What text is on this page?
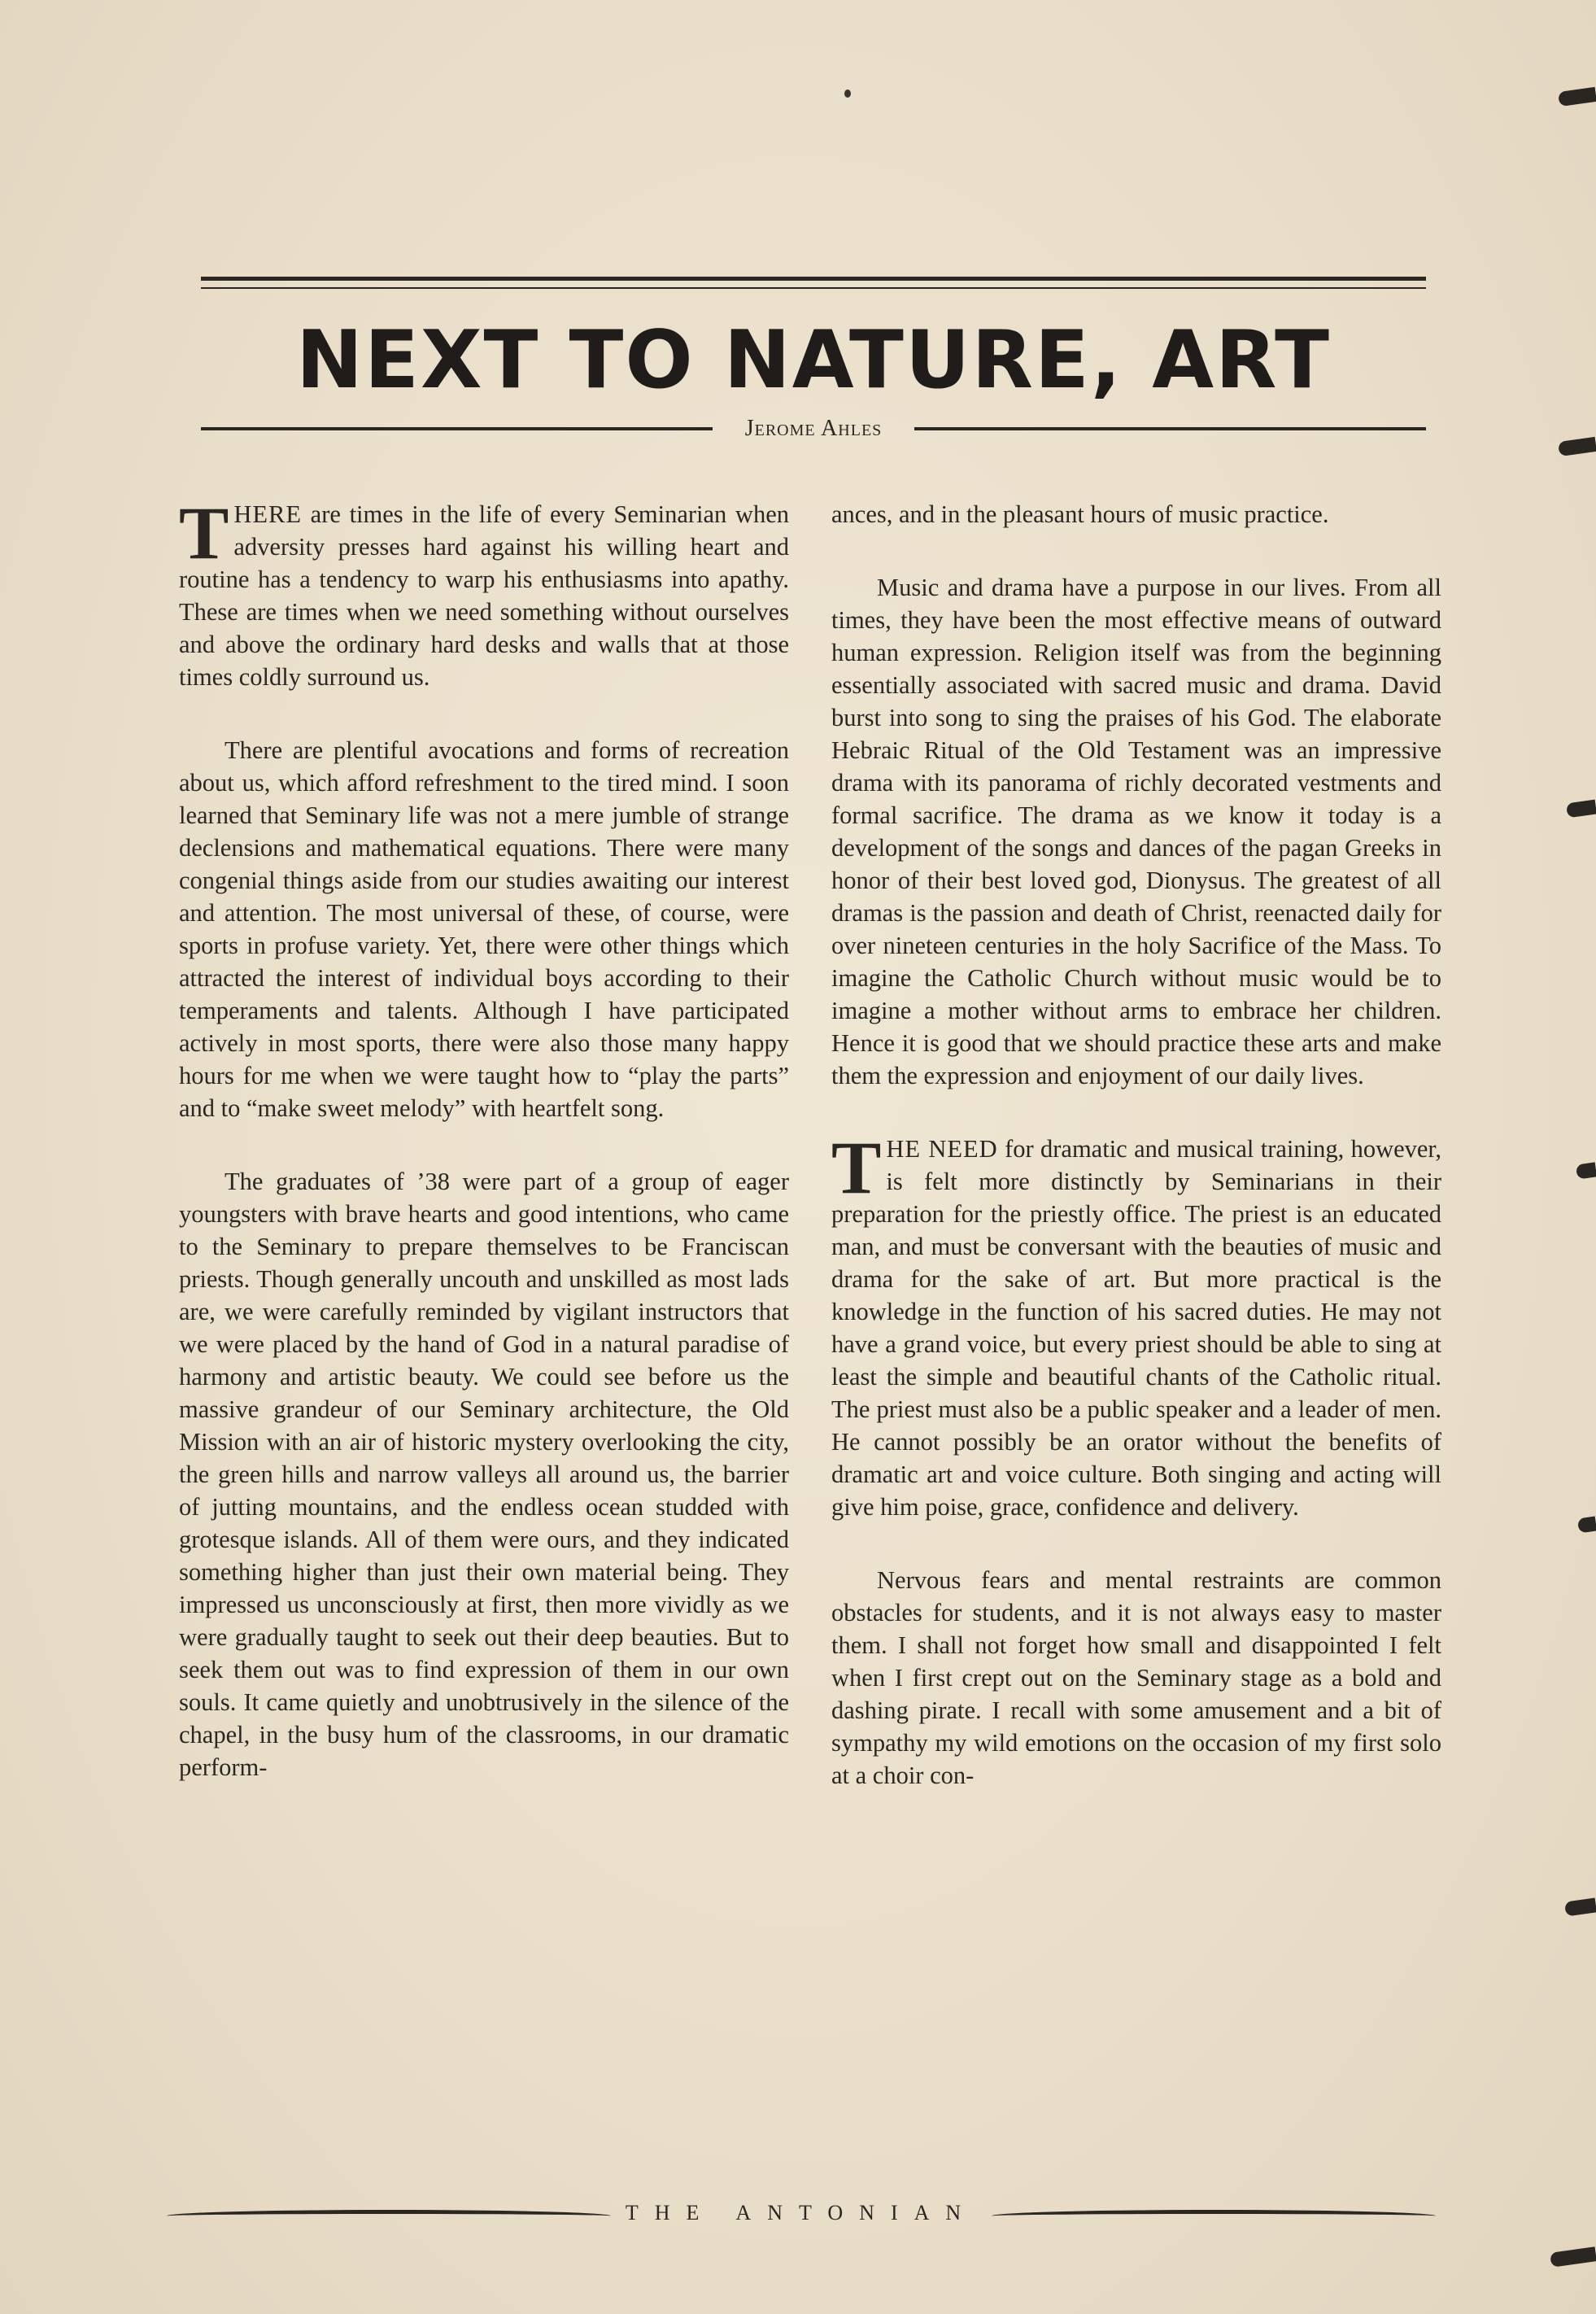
NEXT TO NATURE, ART
Jerome Ahles

THERE are times in the life of every Seminarian when adversity presses hard against his willing heart and routine has a tendency to warp his enthusiasms into apathy. These are times when we need something without ourselves and above the ordinary hard desks and walls that at those times coldly surround us.

There are plentiful avocations and forms of recreation about us, which afford refreshment to the tired mind. I soon learned that Seminary life was not a mere jumble of strange declensions and mathematical equations. There were many congenial things aside from our studies awaiting our interest and attention. The most universal of these, of course, were sports in profuse variety. Yet, there were other things which attracted the interest of individual boys according to their temperaments and talents. Although I have participated actively in most sports, there were also those many happy hours for me when we were taught how to “play the parts” and to “make sweet melody” with heartfelt song.

The graduates of ’38 were part of a group of eager youngsters with brave hearts and good intentions, who came to the Seminary to prepare themselves to be Franciscan priests. Though generally uncouth and unskilled as most lads are, we were carefully reminded by vigilant instructors that we were placed by the hand of God in a natural paradise of harmony and artistic beauty. We could see before us the massive grandeur of our Seminary architecture, the Old Mission with an air of historic mystery overlooking the city, the green hills and narrow valleys all around us, the barrier of jutting mountains, and the endless ocean studded with grotesque islands. All of them were ours, and they indicated something higher than just their own material being. They impressed us unconsciously at first, then more vividly as we were gradually taught to seek out their deep beauties. But to seek them out was to find expression of them in our own souls. It came quietly and unobtrusively in the silence of the chapel, in the busy hum of the classrooms, in our dramatic perform-

ances, and in the pleasant hours of music practice.

Music and drama have a purpose in our lives. From all times, they have been the most effective means of outward human expression. Religion itself was from the beginning essentially associated with sacred music and drama. David burst into song to sing the praises of his God. The elaborate Hebraic Ritual of the Old Testament was an impressive drama with its panorama of richly decorated vestments and formal sacrifice. The drama as we know it today is a development of the songs and dances of the pagan Greeks in honor of their best loved god, Dionysus. The greatest of all dramas is the passion and death of Christ, reenacted daily for over nineteen centuries in the holy Sacrifice of the Mass. To imagine the Catholic Church without music would be to imagine a mother without arms to embrace her children. Hence it is good that we should practice these arts and make them the expression and enjoyment of our daily lives.

THE NEED for dramatic and musical training, however, is felt more distinctly by Seminarians in their preparation for the priestly office. The priest is an educated man, and must be conversant with the beauties of music and drama for the sake of art. But more practical is the knowledge in the function of his sacred duties. He may not have a grand voice, but every priest should be able to sing at least the simple and beautiful chants of the Catholic ritual. The priest must also be a public speaker and a leader of men. He cannot possibly be an orator without the benefits of dramatic art and voice culture. Both singing and acting will give him poise, grace, confidence and delivery.

Nervous fears and mental restraints are common obstacles for students, and it is not always easy to master them. I shall not forget how small and disappointed I felt when I first crept out on the Seminary stage as a bold and dashing pirate. I recall with some amusement and a bit of sympathy my wild emotions on the occasion of my first solo at a choir con-

THE ANTONIAN
